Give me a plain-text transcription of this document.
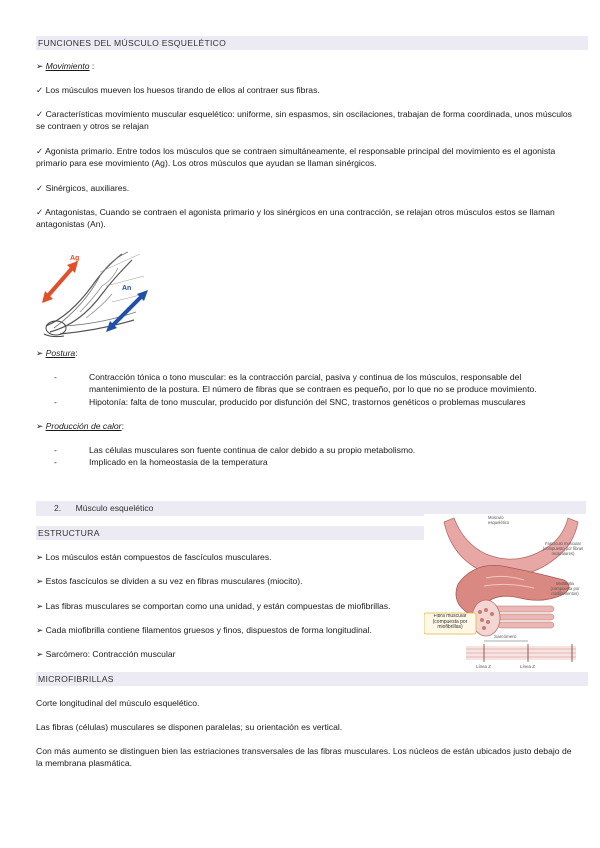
FUNCIONES DEL MÚSCULO ESQUELÉTICO
➢ Movimiento :

✓ Los músculos mueven los huesos tirando de ellos al contraer sus fibras.

✓ Características movimiento muscular esquelético: uniforme, sin espasmos, sin oscilaciones, trabajan de forma coordinada, unos músculos se contraen y otros se relajan

✓ Agonista primario. Entre todos los músculos que se contraen simultáneamente, el responsable principal del movimiento es el agonista primario para ese movimiento (Ag). Los otros músculos que ayudan se llaman sinérgicos.

✓ Sinérgicos, auxiliares.

✓ Antagonistas, Cuando se contraen el agonista primario y los sinérgicos en una contracción, se relajan otros músculos estos se llaman antagonistas (An).

Ag
An
➢ Postura:
-	Contracción tónica o tono muscular: es la contracción parcial, pasiva y continua de los músculos, responsable del mantenimiento de la postura. El número de fibras que se contraen es pequeño, por lo que no se produce movimiento.
-	Hipotonía: falta de tono muscular, producido por disfunción del SNC, trastornos genéticos o problemas musculares
➢ Producción de calor:
-	Las células musculares son fuente continua de calor debido a su propio metabolismo.
-	Implicado en la homeostasia de la temperatura
2. Músculo esquelético
ESTRUCTURA

➢ Los músculos están compuestos de fascículos musculares.

➢ Estos fascículos se dividen a su vez en fibras musculares (miocito).

➢ Las fibras musculares se comportan como una unidad, y están compuestas de miofibrillas.

➢ Cada miofibrilla contiene filamentos gruesos y finos, dispuestos de forma longitudinal.

➢ Sarcómero: Contracción muscular

Fibra muscular (compuesta por miofibrillas)
Músculo esquelético
Fascículo muscular (compuesto por fibras musculares)
Miofibrilla (compuesta por miofilamentos)
Sarcómero
Línea Z	Línea Z
MICROFIBRILLAS

Corte longitudinal del músculo esquelético.

Las fibras (células) musculares se disponen paralelas; su orientación es vertical.

Con más aumento se distinguen bien las estriaciones transversales de las fibras musculares. Los núcleos de están ubicados justo debajo de la membrana plasmática.
